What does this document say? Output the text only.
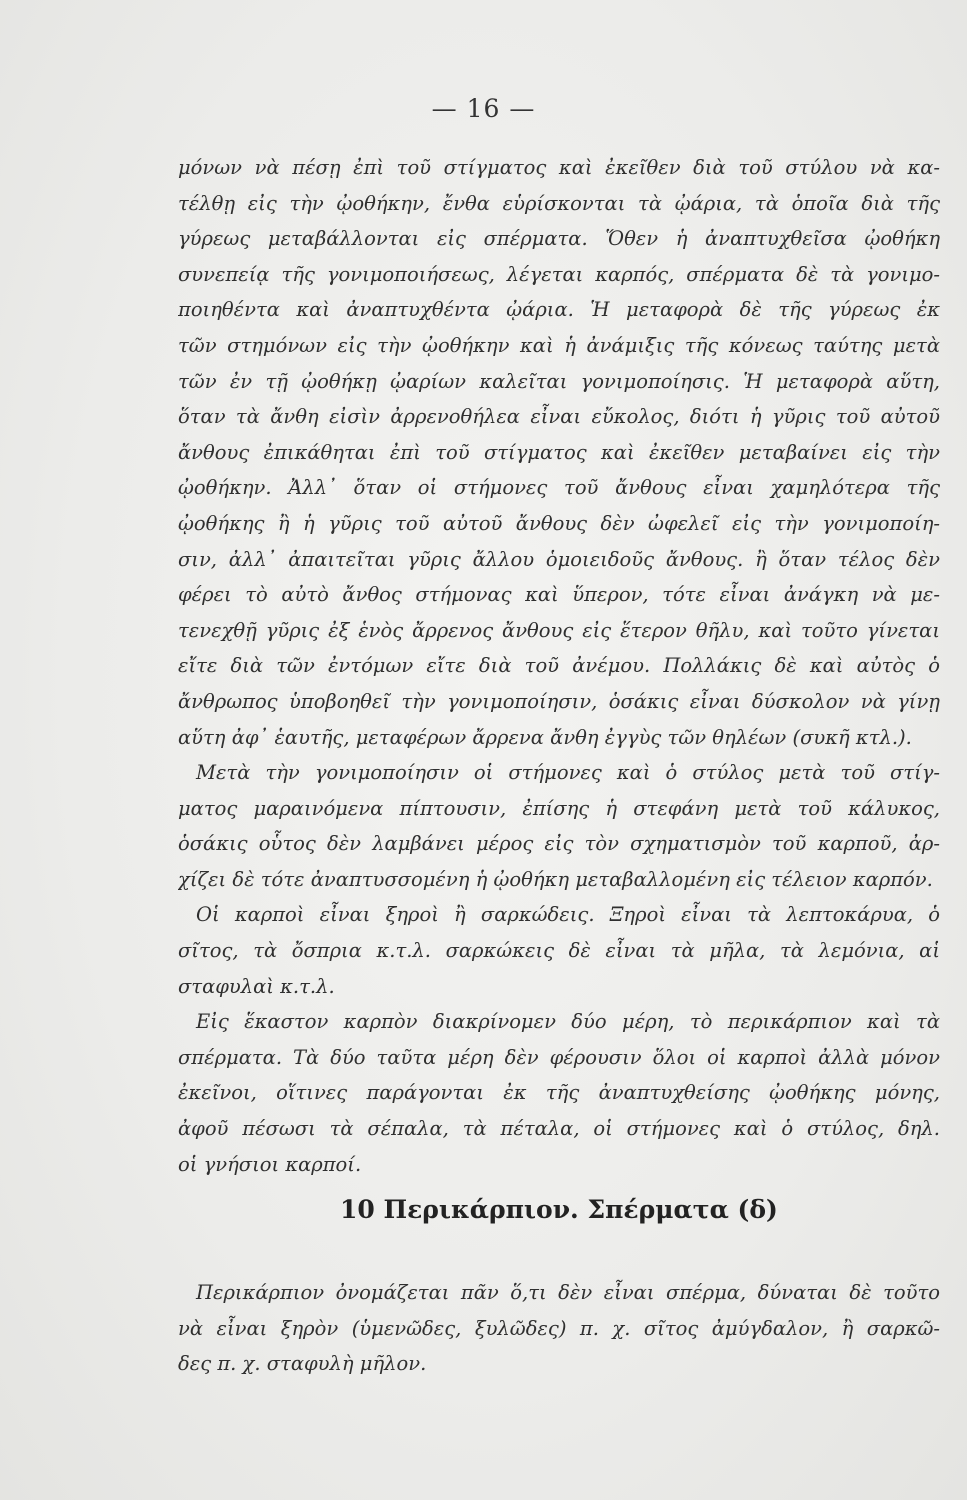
— 16 —
μόνων νὰ πέσῃ ἐπὶ τοῦ στίγματος καὶ ἐκεῖθεν διὰ τοῦ στύλου νὰ κα-
τέλθῃ εἰς τὴν ᾠοθήκην, ἔνθα εὑρίσκονται τὰ ᾠάρια, τὰ ὁποῖα διὰ τῆς
γύρεως μεταβάλλονται εἰς σπέρματα. Ὅθεν ἡ ἀναπτυχθεῖσα ᾠοθήκη
συνεπείᾳ τῆς γονιμοποιήσεως, λέγεται καρπός, σπέρματα δὲ τὰ γονιμο-
ποιηθέντα καὶ ἀναπτυχθέντα ᾠάρια. Ἡ μεταφορὰ δὲ τῆς γύρεως ἐκ
τῶν στημόνων εἰς τὴν ᾠοθήκην καὶ ἡ ἀνάμιξις τῆς κόνεως ταύτης μετὰ
τῶν ἐν τῇ ᾠοθήκῃ ᾠαρίων καλεῖται γονιμοποίησις. Ἡ μεταφορὰ αὕτη,
ὅταν τὰ ἄνθη εἰσὶν ἀρρενοθήλεα εἶναι εὔκολος, διότι ἡ γῦρις τοῦ αὐτοῦ
ἄνθους ἐπικάθηται ἐπὶ τοῦ στίγματος καὶ ἐκεῖθεν μεταβαίνει εἰς τὴν
ᾠοθήκην. Ἀλλ᾽ ὅταν οἱ στήμονες τοῦ ἄνθους εἶναι χαμηλότερα τῆς
ᾠοθήκης ἢ ἡ γῦρις τοῦ αὐτοῦ ἄνθους δὲν ὠφελεῖ εἰς τὴν γονιμοποίη-
σιν, ἀλλ᾽ ἀπαιτεῖται γῦρις ἄλλου ὁμοιειδοῦς ἄνθους. ἢ ὅταν τέλος δὲν
φέρει τὸ αὐτὸ ἄνθος στήμονας καὶ ὕπερον, τότε εἶναι ἀνάγκη νὰ με-
τενεχθῇ γῦρις ἐξ ἑνὸς ἄρρενος ἄνθους εἰς ἕτερον θῆλυ, καὶ τοῦτο γίνεται
εἴτε διὰ τῶν ἐντόμων εἴτε διὰ τοῦ ἀνέμου. Πολλάκις δὲ καὶ αὐτὸς ὁ
ἄνθρωπος ὑποβοηθεῖ τὴν γονιμοποίησιν, ὁσάκις εἶναι δύσκολον νὰ γίνῃ
αὕτη ἀφ᾽ ἑαυτῆς, μεταφέρων ἄρρενα ἄνθη ἐγγὺς τῶν θηλέων (συκῆ κτλ.).
Μετὰ τὴν γονιμοποίησιν οἱ στήμονες καὶ ὁ στύλος μετὰ τοῦ στίγ-
ματος μαραινόμενα πίπτουσιν, ἐπίσης ἡ στεφάνη μετὰ τοῦ κάλυκος,
ὁσάκις οὗτος δὲν λαμβάνει μέρος εἰς τὸν σχηματισμὸν τοῦ καρποῦ, ἀρ-
χίζει δὲ τότε ἀναπτυσσομένη ἡ ᾠοθήκη μεταβαλλομένη εἰς τέλειον καρπόν.
Οἱ καρποὶ εἶναι ξηροὶ ἢ σαρκώδεις. Ξηροὶ εἶναι τὰ λεπτοκάρυα, ὁ
σῖτος, τὰ ὄσπρια κ.τ.λ. σαρκώκεις δὲ εἶναι τὰ μῆλα, τὰ λεμόνια, αἱ
σταφυλαὶ κ.τ.λ.
Εἰς ἕκαστον καρπὸν διακρίνομεν δύο μέρη, τὸ περικάρπιον καὶ τὰ
σπέρματα. Τὰ δύο ταῦτα μέρη δὲν φέρουσιν ὅλοι οἱ καρποὶ ἀλλὰ μόνον
ἐκεῖνοι, οἵτινες παράγονται ἐκ τῆς ἀναπτυχθείσης ᾠοθήκης μόνης,
ἀφοῦ πέσωσι τὰ σέπαλα, τὰ πέταλα, οἱ στήμονες καὶ ὁ στύλος, δηλ.
οἱ γνήσιοι καρποί.
10 Περικάρπιον. Σπέρματα (δ)
Περικάρπιον ὀνομάζεται πᾶν ὅ,τι δὲν εἶναι σπέρμα, δύναται δὲ τοῦτο
νὰ εἶναι ξηρὸν (ὑμενῶδες, ξυλῶδες) π. χ. σῖτος ἀμύγδαλον, ἢ σαρκῶ-
δες π. χ. σταφυλὴ μῆλον.
